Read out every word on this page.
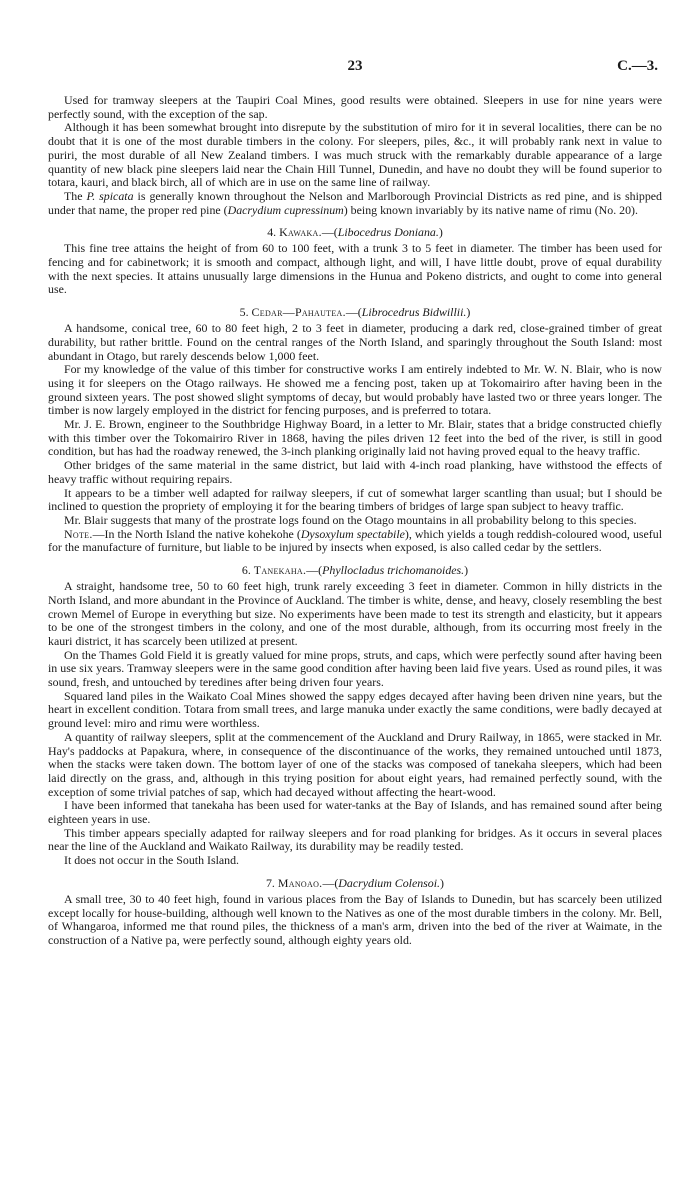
23	C.—3.

Used for tramway sleepers at the Taupiri Coal Mines, good results were obtained. Sleepers in use for nine years were perfectly sound, with the exception of the sap.

Although it has been somewhat brought into disrepute by the substitution of miro for it in several localities, there can be no doubt that it is one of the most durable timbers in the colony. For sleepers, piles, &c., it will probably rank next in value to puriri, the most durable of all New Zealand timbers. I was much struck with the remarkably durable appearance of a large quantity of new black pine sleepers laid near the Chain Hill Tunnel, Dunedin, and have no doubt they will be found superior to totara, kauri, and black birch, all of which are in use on the same line of railway.

The P. spicata is generally known throughout the Nelson and Marlborough Provincial Districts as red pine, and is shipped under that name, the proper red pine (Dacrydium cupressinum) being known invariably by its native name of rimu (No. 20).

4. Kawaka.—(Libocedrus Doniana.)

This fine tree attains the height of from 60 to 100 feet, with a trunk 3 to 5 feet in diameter. The timber has been used for fencing and for cabinetwork; it is smooth and compact, although light, and will, I have little doubt, prove of equal durability with the next species. It attains unusually large dimensions in the Hunua and Pokeno districts, and ought to come into general use.

5. Cedar—Pahautea.—(Librocedrus Bidwillii.)

A handsome, conical tree, 60 to 80 feet high, 2 to 3 feet in diameter, producing a dark red, close-grained timber of great durability, but rather brittle. Found on the central ranges of the North Island, and sparingly throughout the South Island: most abundant in Otago, but rarely descends below 1,000 feet.

For my knowledge of the value of this timber for constructive works I am entirely indebted to Mr. W. N. Blair, who is now using it for sleepers on the Otago railways. He showed me a fencing post, taken up at Tokomairiro after having been in the ground sixteen years. The post showed slight symptoms of decay, but would probably have lasted two or three years longer. The timber is now largely employed in the district for fencing purposes, and is preferred to totara.

Mr. J. E. Brown, engineer to the Southbridge Highway Board, in a letter to Mr. Blair, states that a bridge constructed chiefly with this timber over the Tokomairiro River in 1868, having the piles driven 12 feet into the bed of the river, is still in good condition, but has had the roadway renewed, the 3-inch planking originally laid not having proved equal to the heavy traffic.

Other bridges of the same material in the same district, but laid with 4-inch road planking, have withstood the effects of heavy traffic without requiring repairs.

It appears to be a timber well adapted for railway sleepers, if cut of somewhat larger scantling than usual; but I should be inclined to question the propriety of employing it for the bearing timbers of bridges of large span subject to heavy traffic.

Mr. Blair suggests that many of the prostrate logs found on the Otago mountains in all probability belong to this species.

Note.—In the North Island the native kohekohe (Dysoxylum spectabile), which yields a tough reddish-coloured wood, useful for the manufacture of furniture, but liable to be injured by insects when exposed, is also called cedar by the settlers.

6. Tanekaha.—(Phyllocladus trichomanoides.)

A straight, handsome tree, 50 to 60 feet high, trunk rarely exceeding 3 feet in diameter. Common in hilly districts in the North Island, and more abundant in the Province of Auckland. The timber is white, dense, and heavy, closely resembling the best crown Memel of Europe in everything but size. No experiments have been made to test its strength and elasticity, but it appears to be one of the strongest timbers in the colony, and one of the most durable, although, from its occurring most freely in the kauri district, it has scarcely been utilized at present.

On the Thames Gold Field it is greatly valued for mine props, struts, and caps, which were perfectly sound after having been in use six years. Tramway sleepers were in the same good condition after having been laid five years. Used as round piles, it was sound, fresh, and untouched by teredines after being driven four years.

Squared land piles in the Waikato Coal Mines showed the sappy edges decayed after having been driven nine years, but the heart in excellent condition. Totara from small trees, and large manuka under exactly the same conditions, were badly decayed at ground level: miro and rimu were worthless.

A quantity of railway sleepers, split at the commencement of the Auckland and Drury Railway, in 1865, were stacked in Mr. Hay's paddocks at Papakura, where, in consequence of the discontinuance of the works, they remained untouched until 1873, when the stacks were taken down. The bottom layer of one of the stacks was composed of tanekaha sleepers, which had been laid directly on the grass, and, although in this trying position for about eight years, had remained perfectly sound, with the exception of some trivial patches of sap, which had decayed without affecting the heart-wood.

I have been informed that tanekaha has been used for water-tanks at the Bay of Islands, and has remained sound after being eighteen years in use.

This timber appears specially adapted for railway sleepers and for road planking for bridges. As it occurs in several places near the line of the Auckland and Waikato Railway, its durability may be readily tested.

It does not occur in the South Island.

7. Manoao.—(Dacrydium Colensoi.)

A small tree, 30 to 40 feet high, found in various places from the Bay of Islands to Dunedin, but has scarcely been utilized except locally for house-building, although well known to the Natives as one of the most durable timbers in the colony. Mr. Bell, of Whangaroa, informed me that round piles, the thickness of a man's arm, driven into the bed of the river at Waimate, in the construction of a Native pa, were perfectly sound, although eighty years old.
